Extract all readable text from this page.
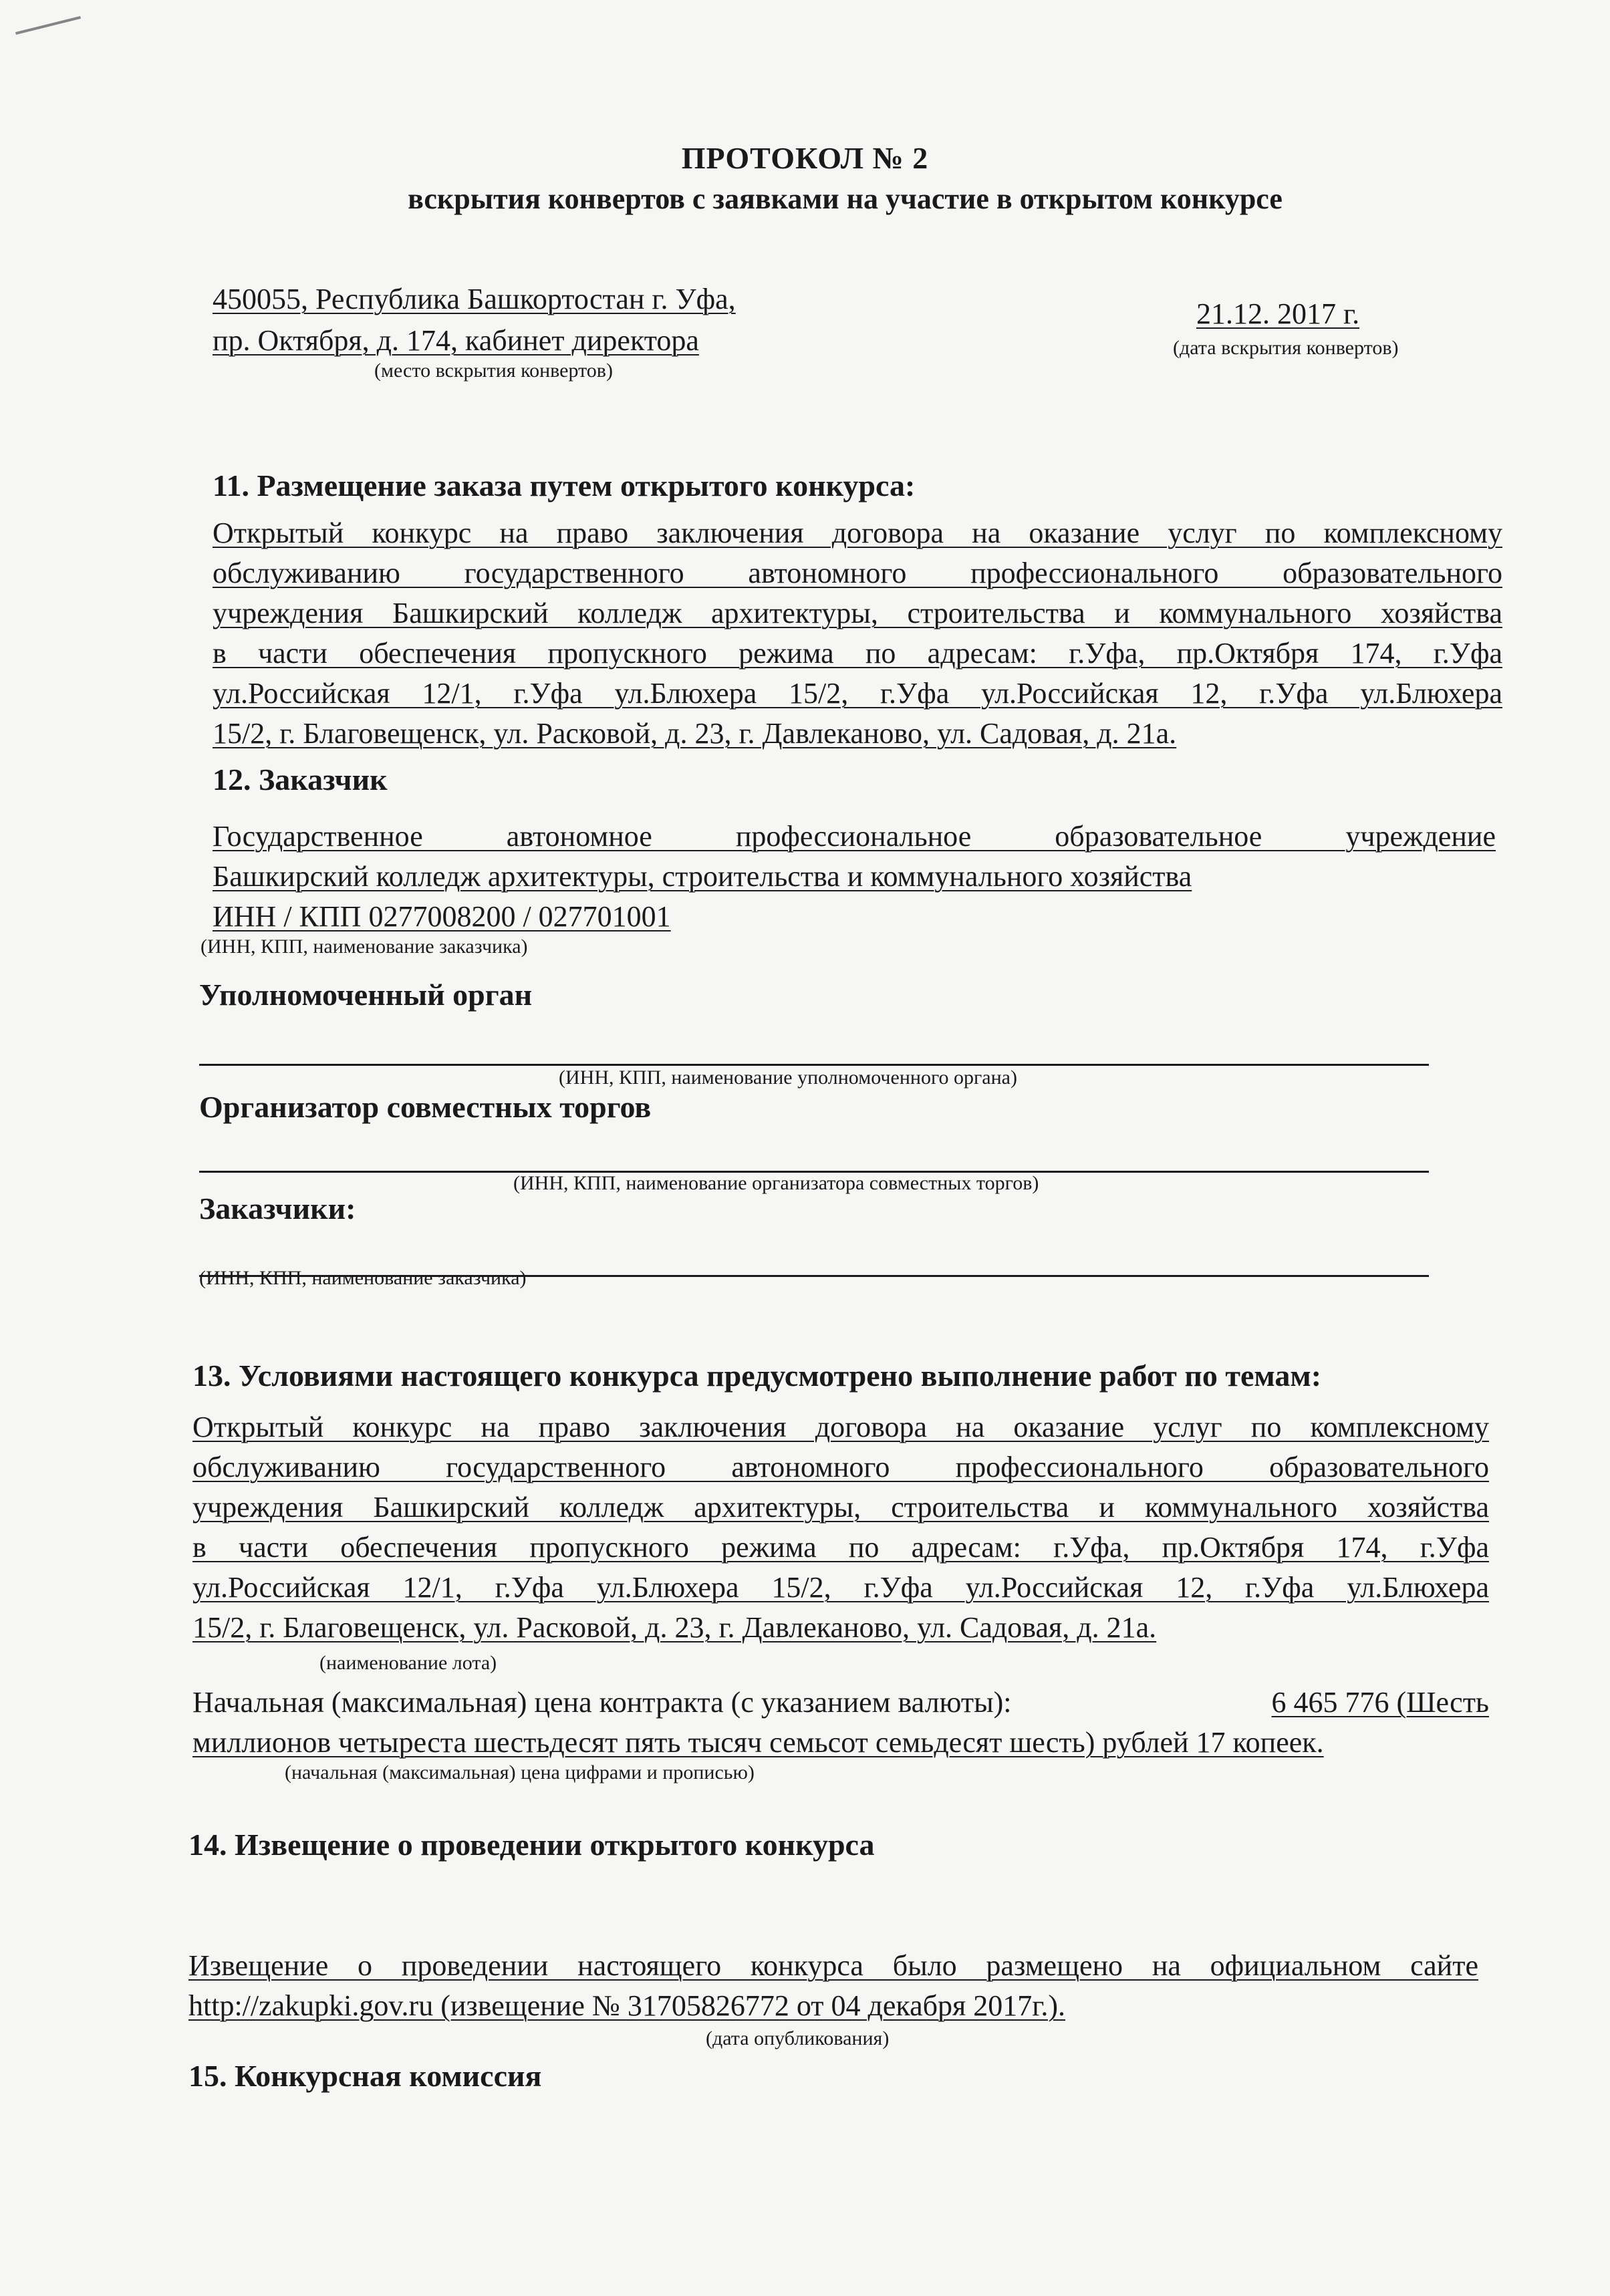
ПРОТОКОЛ № 2
вскрытия конвертов с заявками на участие в открытом конкурсе
450055, Республика Башкортостан г. Уфа,
пр. Октября, д. 174, кабинет директора
(место вскрытия конвертов)
21.12. 2017 г.
(дата вскрытия конвертов)
11. Размещение заказа путем открытого конкурса:
Открытый конкурс на право заключения договора на оказание услуг по комплексному
обслуживанию государственного автономного профессионального образовательного
учреждения Башкирский колледж архитектуры, строительства и коммунального хозяйства
в части обеспечения пропускного режима по адресам: г.Уфа, пр.Октября 174, г.Уфа
ул.Российская 12/1, г.Уфа ул.Блюхера 15/2, г.Уфа ул.Российская 12, г.Уфа ул.Блюхера
15/2, г. Благовещенск, ул. Расковой, д. 23, г. Давлеканово, ул. Садовая, д. 21а.
12. Заказчик
Государственное автономное профессиональное образовательное учреждение
Башкирский колледж архитектуры, строительства и коммунального хозяйства
ИНН / КПП 0277008200 / 027701001
(ИНН, КПП, наименование заказчика)
Уполномоченный орган
(ИНН, КПП, наименование уполномоченного органа)
Организатор совместных торгов
(ИНН, КПП, наименование организатора совместных торгов)
Заказчики:
(ИНН, КПП, наименование заказчика)
13. Условиями настоящего конкурса предусмотрено выполнение работ по темам:
Открытый конкурс на право заключения договора на оказание услуг по комплексному
обслуживанию государственного автономного профессионального образовательного
учреждения Башкирский колледж архитектуры, строительства и коммунального хозяйства
в части обеспечения пропускного режима по адресам: г.Уфа, пр.Октября 174, г.Уфа
ул.Российская 12/1, г.Уфа ул.Блюхера 15/2, г.Уфа ул.Российская 12, г.Уфа ул.Блюхера
15/2, г. Благовещенск, ул. Расковой, д. 23, г. Давлеканово, ул. Садовая, д. 21а.
(наименование лота)
Начальная (максимальная) цена контракта (с указанием валюты):	6 465 776 (Шесть
миллионов четыреста шестьдесят пять тысяч семьсот семьдесят шесть) рублей 17 копеек.
(начальная (максимальная) цена цифрами и прописью)
14. Извещение о проведении открытого конкурса
Извещение о проведении настоящего конкурса было размещено на официальном сайте
http://zakupki.gov.ru (извещение № 31705826772 от 04 декабря 2017г.).
(дата опубликования)
15. Конкурсная комиссия
